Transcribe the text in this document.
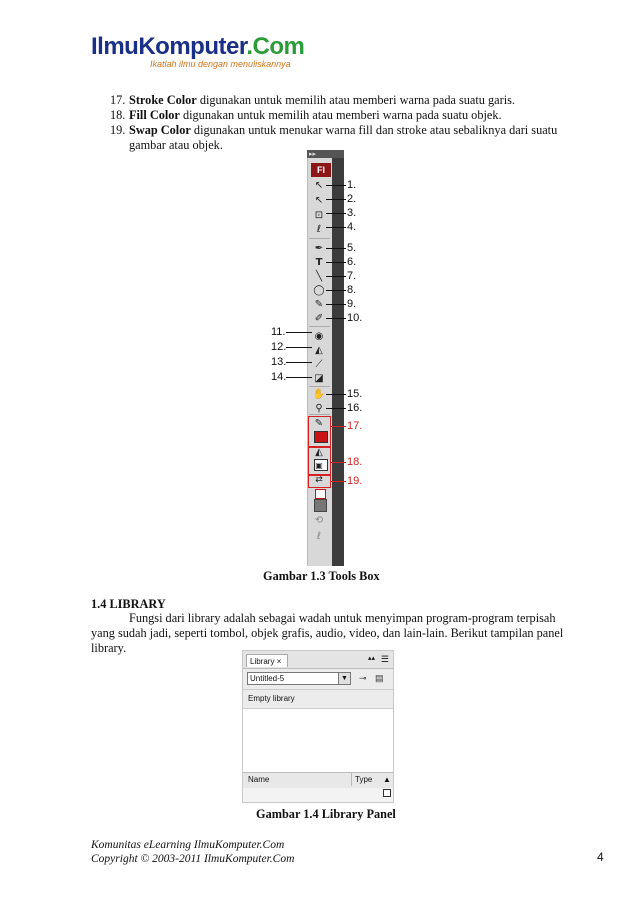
IlmuKomputer.Com
Ikatlah ilmu dengan menuliskannya
17. Stroke Color digunakan untuk memilih atau memberi warna pada suatu garis.
18. Fill Color digunakan untuk memilih atau memberi warna pada suatu objek.
19. Swap Color digunakan untuk menukar warna fill dan stroke atau sebaliknya dari suatu
gambar atau objek.
▸▸
Fl
↖
↖
⊡
ℓ
✒
T
╲
◯
✎
✐
◉
◭
⟋
◪
✋
⚲
✎
◭
▣
⇄
⟲
ℓ
1.
2.
3.
4.
5.
6.
7.
8.
9.
10.
15.
16.
17.
18.
19.
11.
12.
13.
14.
Gambar 1.3 Tools Box
1.4 LIBRARY
Fungsi dari library adalah sebagai wadah untuk menyimpan program-program terpisah
yang sudah jadi, seperti tombol, objek grafis, audio, video, dan lain-lain. Berikut tampilan panel
library.
Library ×	▴▴ ☰
Untitled-5	▼ ⊸ ▤
Empty library
Name	Type ▲
Gambar 1.4 Library Panel
Komunitas eLearning IlmuKomputer.Com
Copyright © 2003-2011 IlmuKomputer.Com	4
